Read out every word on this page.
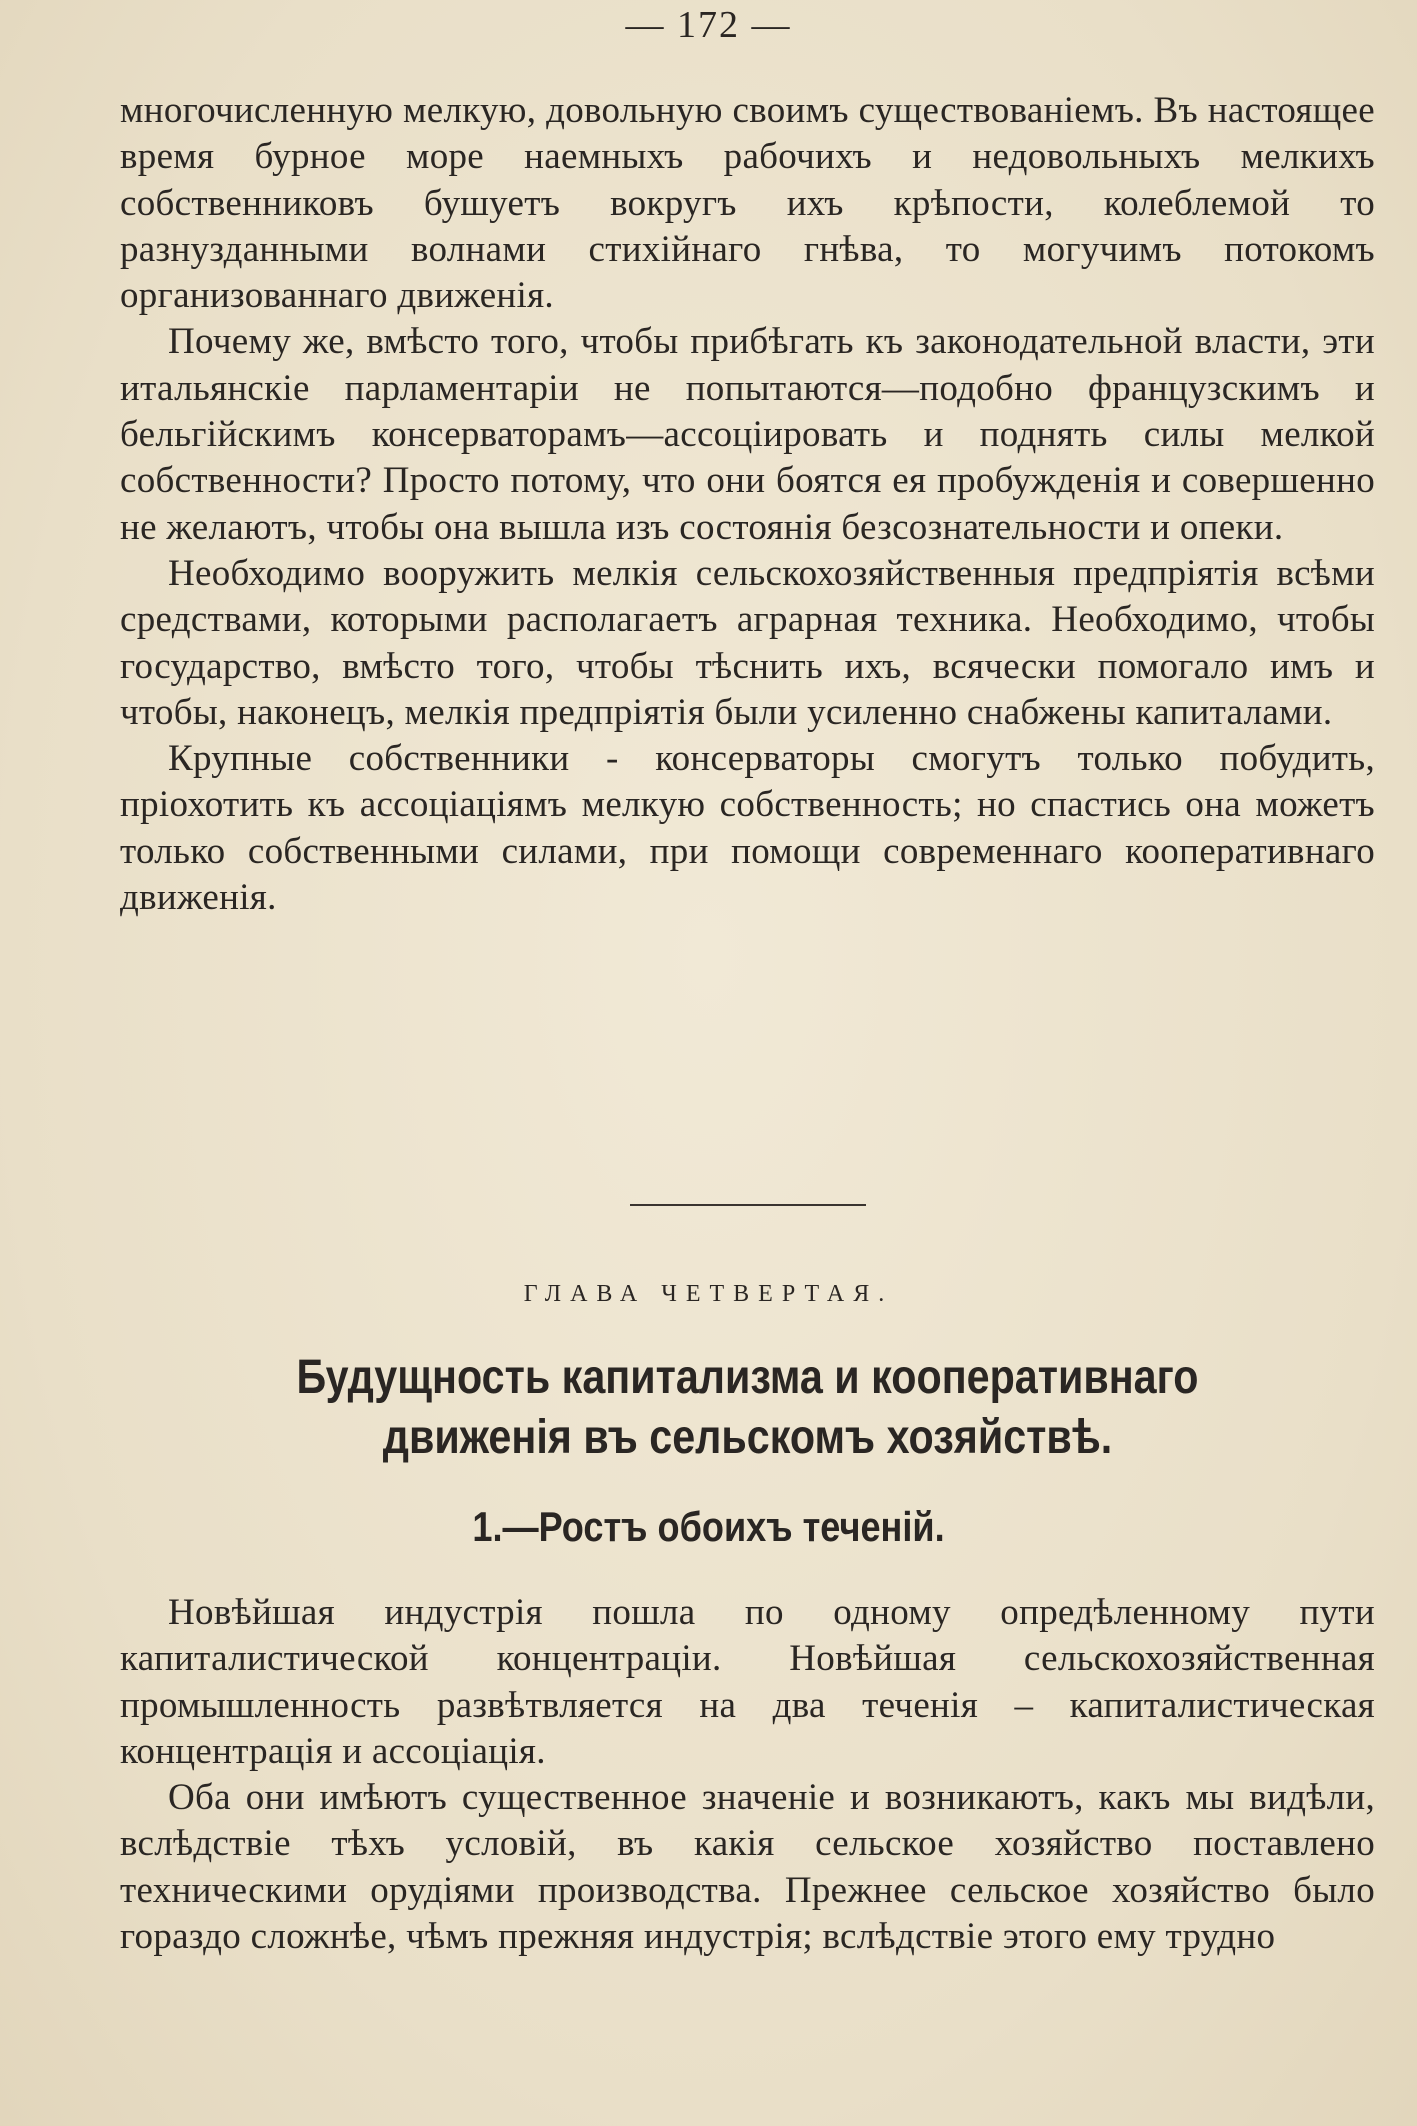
— 172 —

многочисленную мелкую, довольную своимъ существованіемъ. Въ настоящее время бурное море наемныхъ рабочихъ и недовольныхъ мелкихъ собственниковъ бушуетъ вокругъ ихъ крѣпости, колеблемой то разнузданными волнами стихійнаго гнѣва, то могучимъ потокомъ организованнаго движенія.

Почему же, вмѣсто того, чтобы прибѣгать къ законодательной власти, эти итальянскіе парламентаріи не попытаются—подобно французскимъ и бельгійскимъ консерваторамъ—ассоціировать и поднять силы мелкой собственности? Просто потому, что они боятся ея пробужденія и совершенно не желаютъ, чтобы она вышла изъ состоянія безсознательности и опеки.

Необходимо вооружить мелкія сельскохозяйственныя предпріятія всѣми средствами, которыми располагаетъ аграрная техника. Необходимо, чтобы государство, вмѣсто того, чтобы тѣснить ихъ, всячески помогало имъ и чтобы, наконецъ, мелкія предпріятія были усиленно снабжены капиталами.

Крупные собственники - консерваторы смогутъ только побудить, пріохотить къ ассоціаціямъ мелкую собственность; но спастись она можетъ только собственными силами, при помощи современнаго кооперативнаго движенія.

ГЛАВА ЧЕТВЕРТАЯ.
Будущность капитализма и кооперативнаго движенія въ сельскомъ хозяйствѣ.
1.—Ростъ обоихъ теченій.

Новѣйшая индустрія пошла по одному опредѣленному пути капиталистической концентраціи. Новѣйшая сельскохозяйственная промышленность развѣтвляется на два теченія – капиталистическая концентрація и ассоціація.

Оба они имѣютъ существенное значеніе и возникаютъ, какъ мы видѣли, вслѣдствіе тѣхъ условій, въ какія сельское хозяйство поставлено техническими орудіями производства. Прежнее сельское хозяйство было гораздо сложнѣе, чѣмъ прежняя индустрія; вслѣдствіе этого ему трудно
